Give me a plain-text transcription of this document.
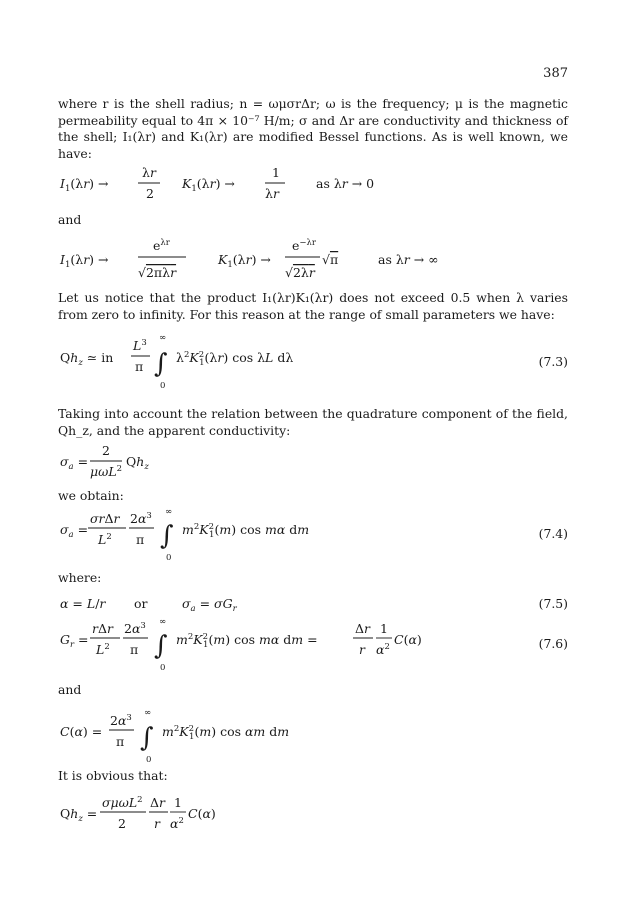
387

where r is the shell radius; n = ωμσrΔr; ω is the frequency; μ is the magnetic permeability equal to 4π × 10⁻⁷ H/m; σ and Δr are conductivity and thickness of the shell; I₁(λr) and K₁(λr) are modified Bessel functions. As is well known, we have:

$I_1(\lambda r)$ →
λr
2
$K_1(\lambda r)$ →
1
λr
as λr → 0

and

$I_1(\lambda r)$ →
$e^{\lambda r}$
√2πλr
$K_1(\lambda r)$ →
$e^{-\lambda r}$
√2λr
√π	as λr → ∞

Let us notice that the product I₁(λr)K₁(λr) does not exceed 0.5 when λ varies from zero to infinity. For this reason at the range of small parameters we have:

$Qh_z$ ≃ in
$L^3$
π
∞
∫
0
$\lambda^2K^2$ 1(λr) cos λL dλ	(7.3)

Taking into account the relation between the quadrature component of the field, Qh_z, and the apparent conductivity:

$\sigma_a$ =
2
μωL$^2$ $Qh_z$

we obtain:

$\sigma_a$ =
σrΔr
$L^2$
$2\alpha^3$
π
∞
∫
0
$m^2K^2$ 1(m) cos mα dm	(7.4)

where:

α = L/r or	$\sigma_a = \sigma G_r$	(7.5)
$G_r$ =
rΔr
$L^2$
$2\alpha^3$
π
∞
∫
0
$m^2K^2$ 1(m) cos mα dm =
Δr
r
1
$\alpha^2$ C(α)	(7.6)

and

C(α) =
$2\alpha^3$
π
∞
∫
0
$m^2K^2$ 1(m) cos αm dm

It is obvious that:

$Qh_z$ =
σμωL$^2$
2
Δr
r
1
$\alpha^2$ C(α)
